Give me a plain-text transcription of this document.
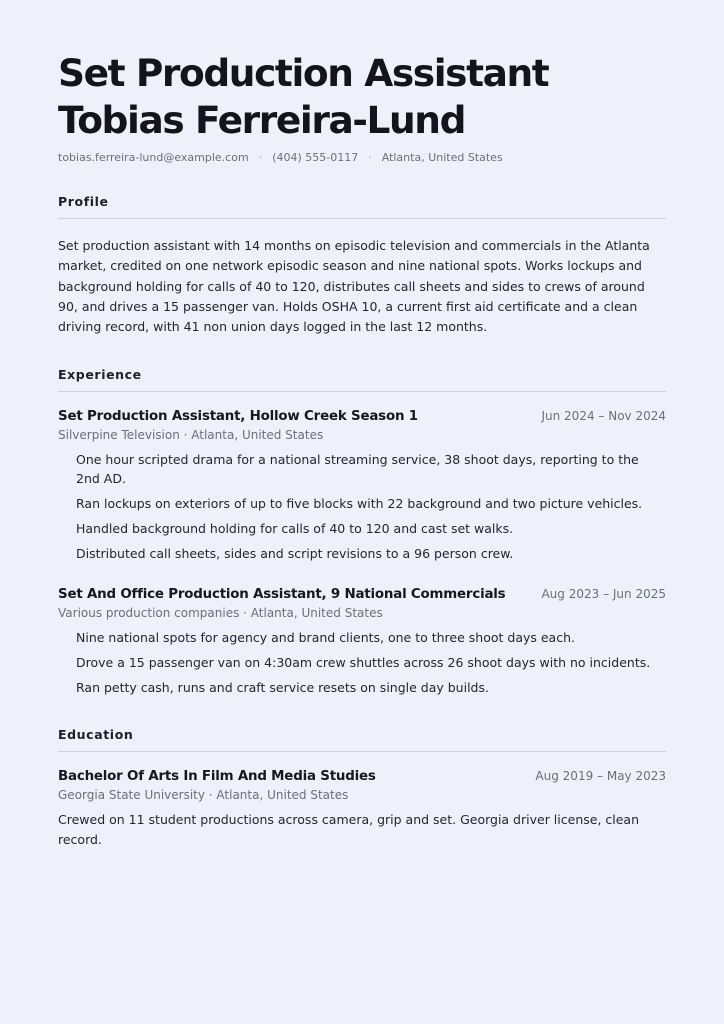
Set Production Assistant
Tobias Ferreira-Lund
tobias.ferreira-lund@example.com · (404) 555-0117 · Atlanta, United States
Profile

Set production assistant with 14 months on episodic television and commercials in the Atlanta market, credited on one network episodic season and nine national spots. Works lockups and background holding for calls of 40 to 120, distributes call sheets and sides to crews of around 90, and drives a 15 passenger van. Holds OSHA 10, a current first aid certificate and a clean driving record, with 41 non union days logged in the last 12 months.

Experience
Set Production Assistant, Hollow Creek Season 1	Jun 2024 – Nov 2024
Silverpine Television · Atlanta, United States
One hour scripted drama for a national streaming service, 38 shoot days, reporting to the 2nd AD.
Ran lockups on exteriors of up to five blocks with 22 background and two picture vehicles.
Handled background holding for calls of 40 to 120 and cast set walks.
Distributed call sheets, sides and script revisions to a 96 person crew.
Set And Office Production Assistant, 9 National Commercials	Aug 2023 – Jun 2025
Various production companies · Atlanta, United States
Nine national spots for agency and brand clients, one to three shoot days each.
Drove a 15 passenger van on 4:30am crew shuttles across 26 shoot days with no incidents.
Ran petty cash, runs and craft service resets on single day builds.
Education
Bachelor Of Arts In Film And Media Studies	Aug 2019 – May 2023
Georgia State University · Atlanta, United States
Crewed on 11 student productions across camera, grip and set. Georgia driver license, clean record.
